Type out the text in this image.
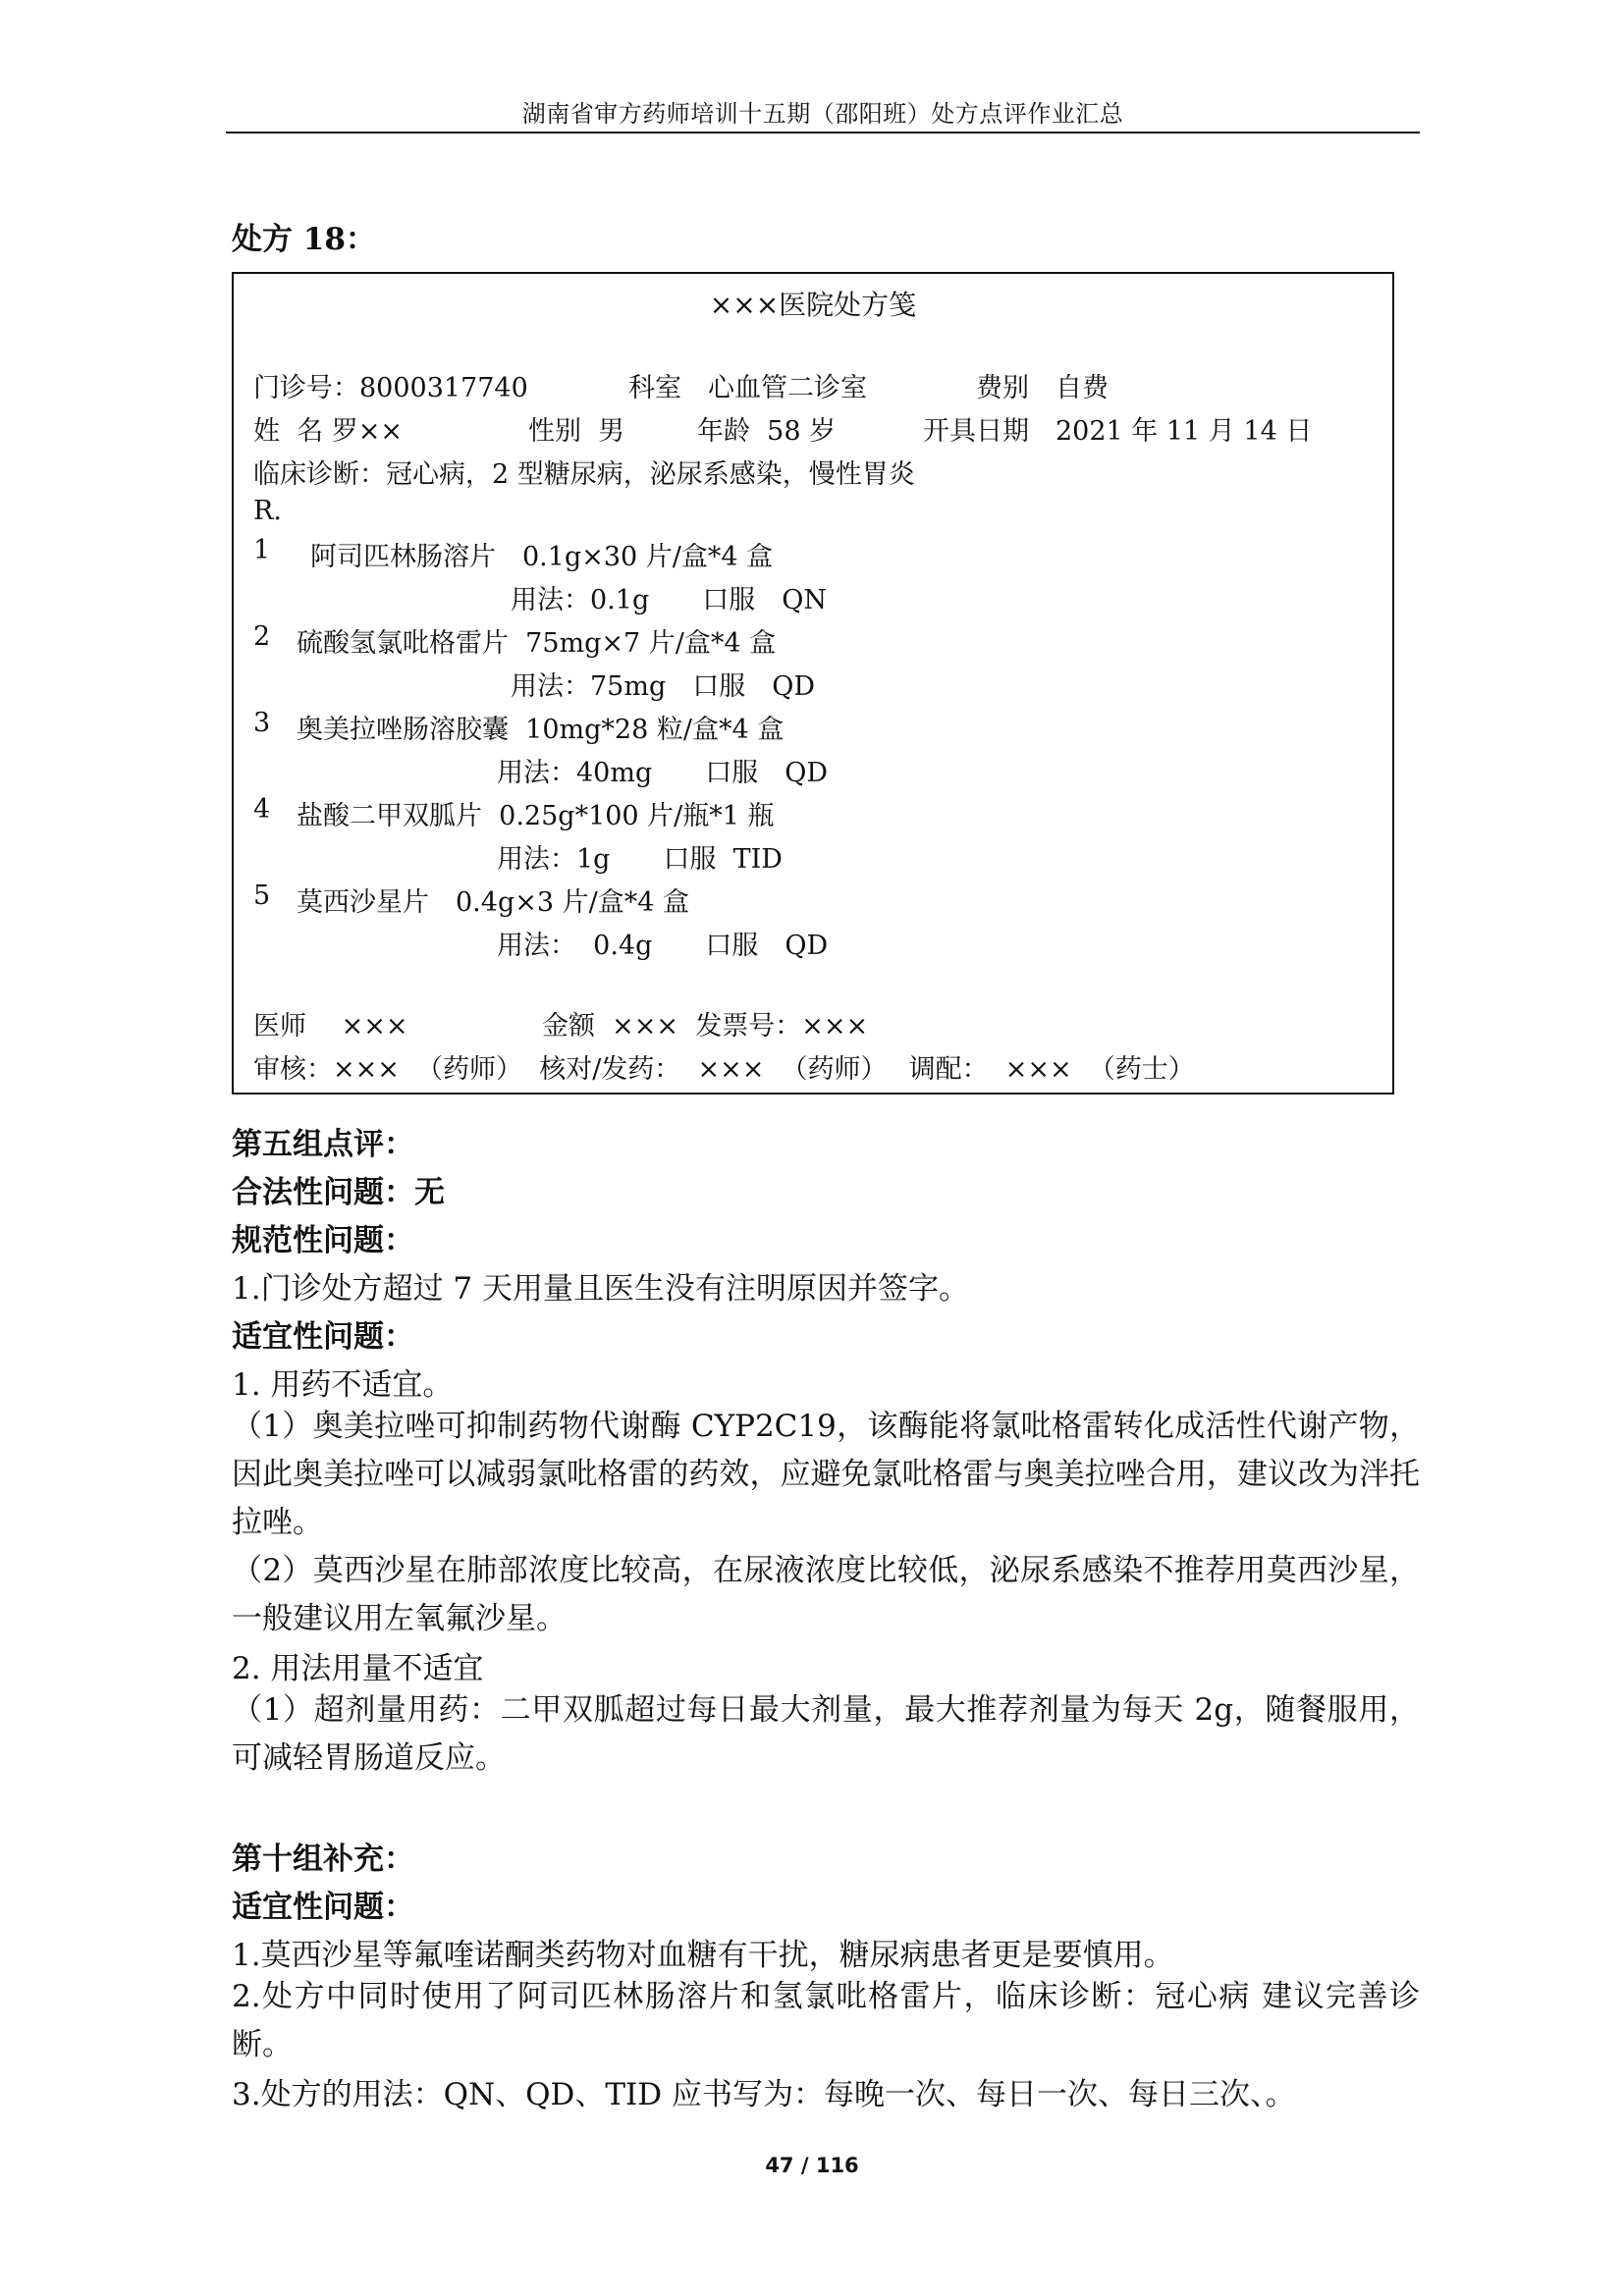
湖南省审方药师培训十五期（邵阳班）处方点评作业汇总
处方 18：
×××医院处方笺
门诊号：8000317740	科室　心血管二诊室	费别　自费
姓  名 罗××	性别  男	年龄  58 岁	开具日期　2021 年 11 月 14 日
临床诊断：冠心病，2 型糖尿病，泌尿系感染，慢性胃炎
R.
1 阿司匹林肠溶片　0.1g×30 片/盒*4 盒
用法：0.1g　　口服　QN
2 硫酸氢氯吡格雷片  75mg×7 片/盒*4 盒
用法：75mg　口服　QD
3 奥美拉唑肠溶胶囊  10mg*28 粒/盒*4 盒
用法：40mg　　口服　QD
4 盐酸二甲双胍片  0.25g*100 片/瓶*1 瓶
用法：1g　　口服  TID
5 莫西沙星片　0.4g×3 片/盒*4 盒
用法：  0.4g　　口服　QD
医师　 ×××	金额  ×××  发票号：×××
审核：×××  （药师）  核对/发药：  ×××  （药师）　 调配：  ×××  （药士）
第五组点评：
合法性问题：无
规范性问题：
1.门诊处方超过 7 天用量且医生没有注明原因并签字。
适宜性问题：
1. 用药不适宜。
（1）奥美拉唑可抑制药物代谢酶 CYP2C19，该酶能将氯吡格雷转化成活性代谢产物，因此奥美拉唑可以减弱氯吡格雷的药效，应避免氯吡格雷与奥美拉唑合用，建议改为泮托拉唑。
（2）莫西沙星在肺部浓度比较高，在尿液浓度比较低，泌尿系感染不推荐用莫西沙星，一般建议用左氧氟沙星。
2. 用法用量不适宜
（1）超剂量用药：二甲双胍超过每日最大剂量，最大推荐剂量为每天 2g，随餐服用，可减轻胃肠道反应。
第十组补充：
适宜性问题：
1.莫西沙星等氟喹诺酮类药物对血糖有干扰，糖尿病患者更是要慎用。
2.处方中同时使用了阿司匹林肠溶片和氢氯吡格雷片，临床诊断：冠心病 建议完善诊断。
3.处方的用法：QN、QD、TID 应书写为：每晚一次、每日一次、每日三次、。
47 / 116
